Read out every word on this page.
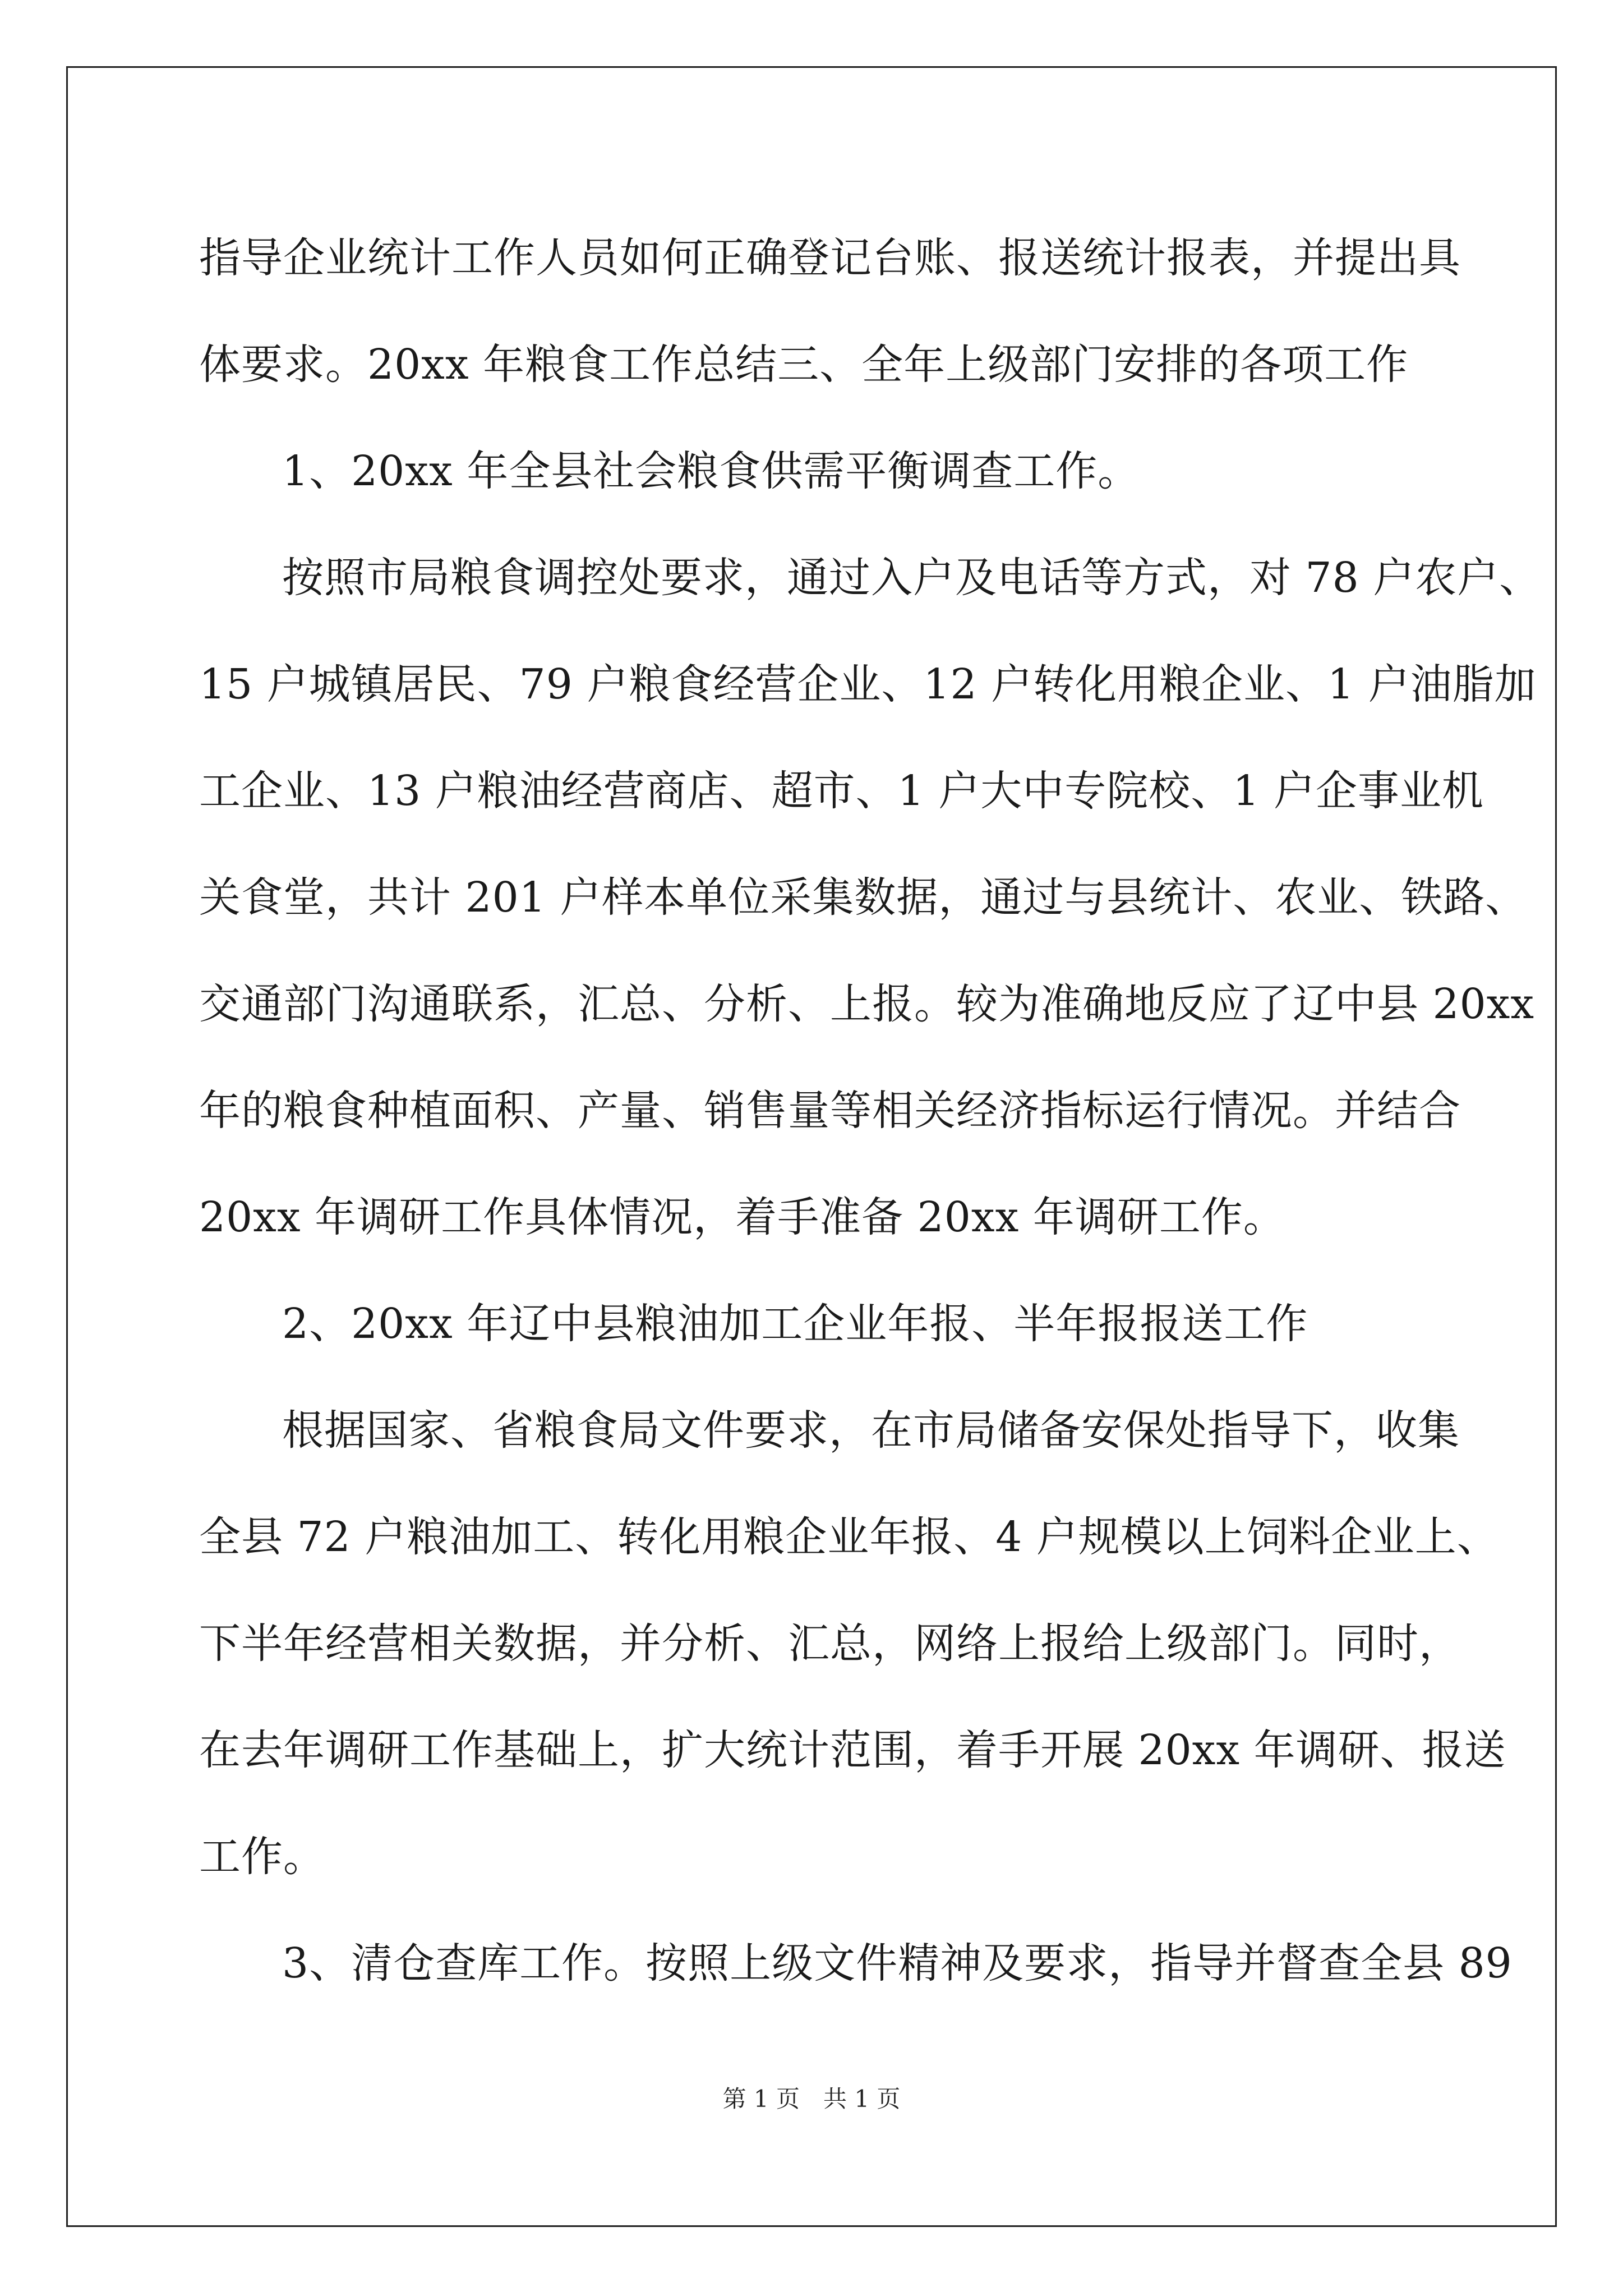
指导企业统计工作人员如何正确登记台账、报送统计报表，并提出具
体要求。20xx 年粮食工作总结三、全年上级部门安排的各项工作
1、20xx 年全县社会粮食供需平衡调查工作。
按照市局粮食调控处要求，通过入户及电话等方式，对 78 户农户、
15 户城镇居民、79 户粮食经营企业、12 户转化用粮企业、1 户油脂加
工企业、13 户粮油经营商店、超市、1 户大中专院校、1 户企事业机
关食堂，共计 201 户样本单位采集数据，通过与县统计、农业、铁路、
交通部门沟通联系，汇总、分析、上报。较为准确地反应了辽中县 20xx
年的粮食种植面积、产量、销售量等相关经济指标运行情况。并结合
20xx 年调研工作具体情况，着手准备 20xx 年调研工作。
2、20xx 年辽中县粮油加工企业年报、半年报报送工作
根据国家、省粮食局文件要求，在市局储备安保处指导下，收集
全县 72 户粮油加工、转化用粮企业年报、4 户规模以上饲料企业上、
下半年经营相关数据，并分析、汇总，网络上报给上级部门。同时，
在去年调研工作基础上，扩大统计范围，着手开展 20xx 年调研、报送
工作。
3、清仓查库工作。按照上级文件精神及要求，指导并督查全县 89
第 1 页　共 1 页
